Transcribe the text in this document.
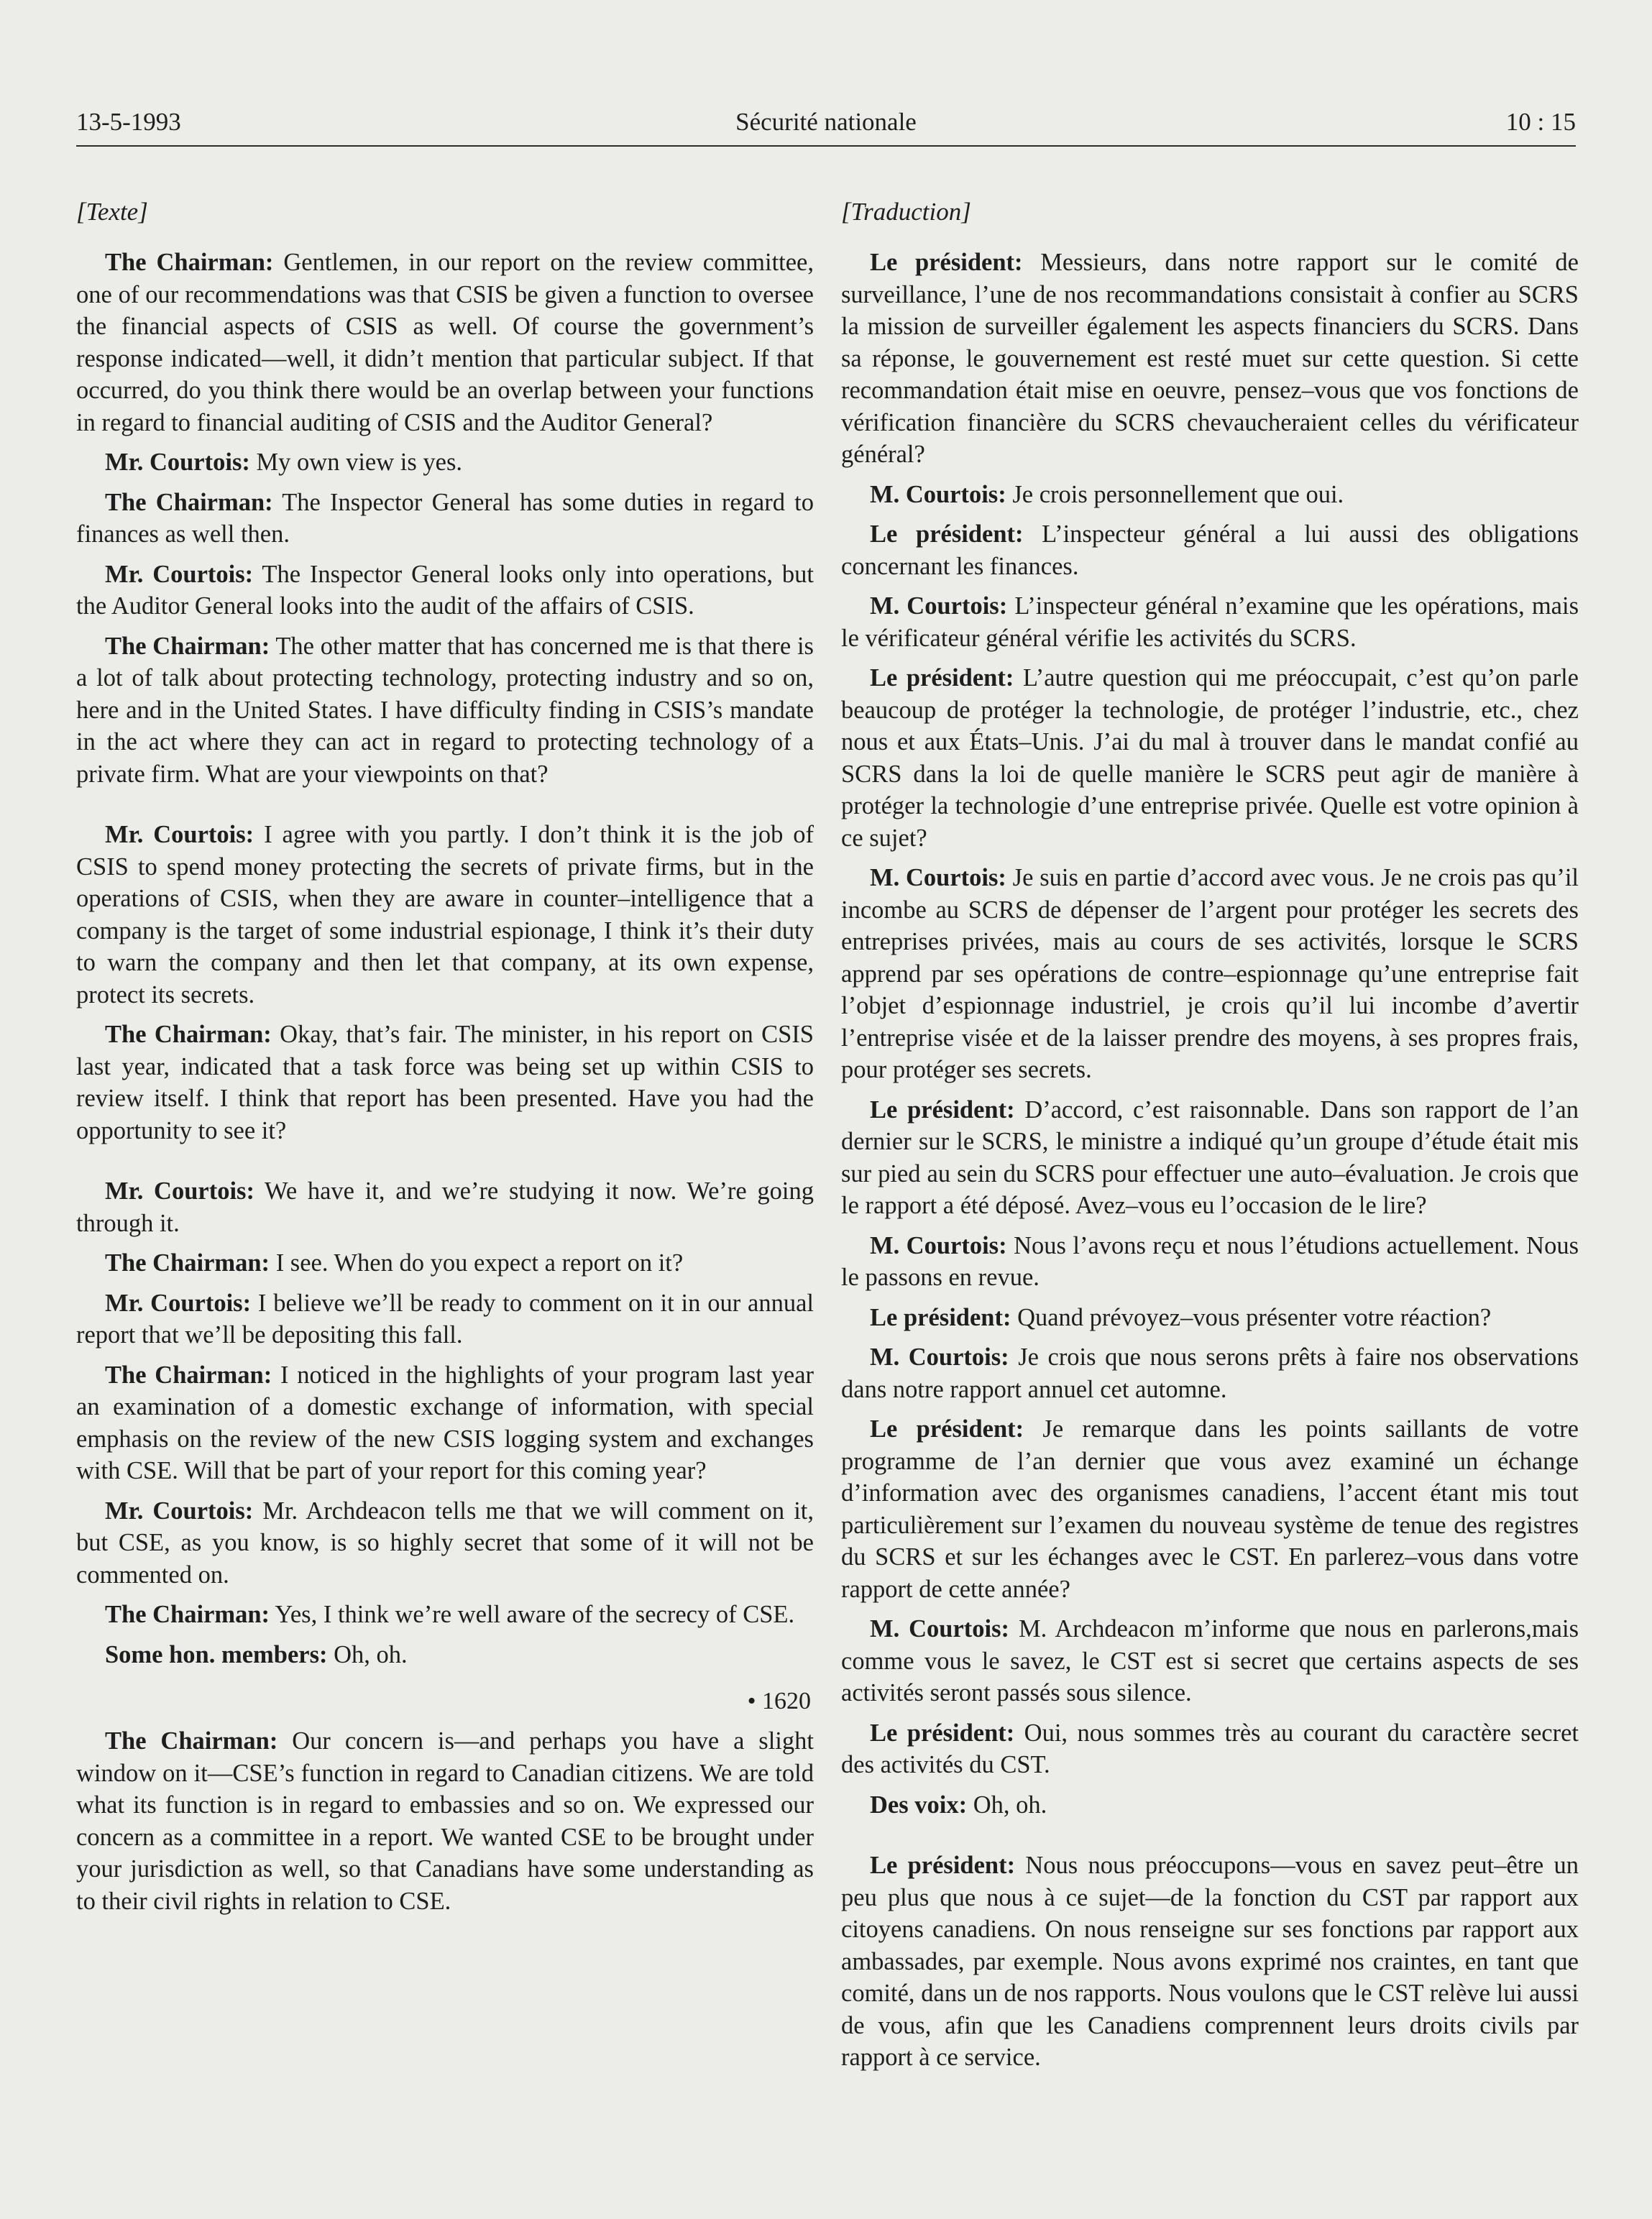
13-5-1993	Sécurité nationale	10 : 15
[Texte]

The Chairman: Gentlemen, in our report on the review committee, one of our recommendations was that CSIS be given a function to oversee the financial aspects of CSIS as well. Of course the government’s response indicated—well, it didn’t mention that particular subject. If that occurred, do you think there would be an overlap between your functions in regard to financial auditing of CSIS and the Auditor General?

Mr. Courtois: My own view is yes.

The Chairman: The Inspector General has some duties in regard to finances as well then.

Mr. Courtois: The Inspector General looks only into operations, but the Auditor General looks into the audit of the affairs of CSIS.

The Chairman: The other matter that has concerned me is that there is a lot of talk about protecting technology, protecting industry and so on, here and in the United States. I have difficulty finding in CSIS’s mandate in the act where they can act in regard to protecting technology of a private firm. What are your viewpoints on that?

Mr. Courtois: I agree with you partly. I don’t think it is the job of CSIS to spend money protecting the secrets of private firms, but in the operations of CSIS, when they are aware in counter–intelligence that a company is the target of some industrial espionage, I think it’s their duty to warn the company and then let that company, at its own expense, protect its secrets.

The Chairman: Okay, that’s fair. The minister, in his report on CSIS last year, indicated that a task force was being set up within CSIS to review itself. I think that report has been presented. Have you had the opportunity to see it?

Mr. Courtois: We have it, and we’re studying it now. We’re going through it.

The Chairman: I see. When do you expect a report on it?

Mr. Courtois: I believe we’ll be ready to comment on it in our annual report that we’ll be depositing this fall.

The Chairman: I noticed in the highlights of your program last year an examination of a domestic exchange of information, with special emphasis on the review of the new CSIS logging system and exchanges with CSE. Will that be part of your report for this coming year?

Mr. Courtois: Mr. Archdeacon tells me that we will comment on it, but CSE, as you know, is so highly secret that some of it will not be commented on.

The Chairman: Yes, I think we’re well aware of the secrecy of CSE.

Some hon. members: Oh, oh.

• 1620

The Chairman: Our concern is—and perhaps you have a slight window on it—CSE’s function in regard to Canadian citizens. We are told what its function is in regard to embassies and so on. We expressed our concern as a committee in a report. We wanted CSE to be brought under your jurisdiction as well, so that Canadians have some understanding as to their civil rights in relation to CSE.

[Traduction]

Le président: Messieurs, dans notre rapport sur le comité de surveillance, l’une de nos recommandations consistait à confier au SCRS la mission de surveiller également les aspects financiers du SCRS. Dans sa réponse, le gouvernement est resté muet sur cette question. Si cette recommandation était mise en oeuvre, pensez–vous que vos fonctions de vérification financière du SCRS chevaucheraient celles du vérificateur général?

M. Courtois: Je crois personnellement que oui.

Le président: L’inspecteur général a lui aussi des obligations concernant les finances.

M. Courtois: L’inspecteur général n’examine que les opérations, mais le vérificateur général vérifie les activités du SCRS.

Le président: L’autre question qui me préoccupait, c’est qu’on parle beaucoup de protéger la technologie, de protéger l’industrie, etc., chez nous et aux États–Unis. J’ai du mal à trouver dans le mandat confié au SCRS dans la loi de quelle manière le SCRS peut agir de manière à protéger la technologie d’une entreprise privée. Quelle est votre opinion à ce sujet?

M. Courtois: Je suis en partie d’accord avec vous. Je ne crois pas qu’il incombe au SCRS de dépenser de l’argent pour protéger les secrets des entreprises privées, mais au cours de ses activités, lorsque le SCRS apprend par ses opérations de contre–espionnage qu’une entreprise fait l’objet d’espionnage industriel, je crois qu’il lui incombe d’avertir l’entreprise visée et de la laisser prendre des moyens, à ses propres frais, pour protéger ses secrets.

Le président: D’accord, c’est raisonnable. Dans son rapport de l’an dernier sur le SCRS, le ministre a indiqué qu’un groupe d’étude était mis sur pied au sein du SCRS pour effectuer une auto–évaluation. Je crois que le rapport a été déposé. Avez–vous eu l’occasion de le lire?

M. Courtois: Nous l’avons reçu et nous l’étudions actuellement. Nous le passons en revue.

Le président: Quand prévoyez–vous présenter votre réaction?

M. Courtois: Je crois que nous serons prêts à faire nos observations dans notre rapport annuel cet automne.

Le président: Je remarque dans les points saillants de votre programme de l’an dernier que vous avez examiné un échange d’information avec des organismes canadiens, l’accent étant mis tout particulièrement sur l’examen du nouveau système de tenue des registres du SCRS et sur les échanges avec le CST. En parlerez–vous dans votre rapport de cette année?

M. Courtois: M. Archdeacon m’informe que nous en parlerons,mais comme vous le savez, le CST est si secret que certains aspects de ses activités seront passés sous silence.

Le président: Oui, nous sommes très au courant du caractère secret des activités du CST.

Des voix: Oh, oh.

Le président: Nous nous préoccupons—vous en savez peut–être un peu plus que nous à ce sujet—de la fonction du CST par rapport aux citoyens canadiens. On nous renseigne sur ses fonctions par rapport aux ambassades, par exemple. Nous avons exprimé nos craintes, en tant que comité, dans un de nos rapports. Nous voulons que le CST relève lui aussi de vous, afin que les Canadiens comprennent leurs droits civils par rapport à ce service.
